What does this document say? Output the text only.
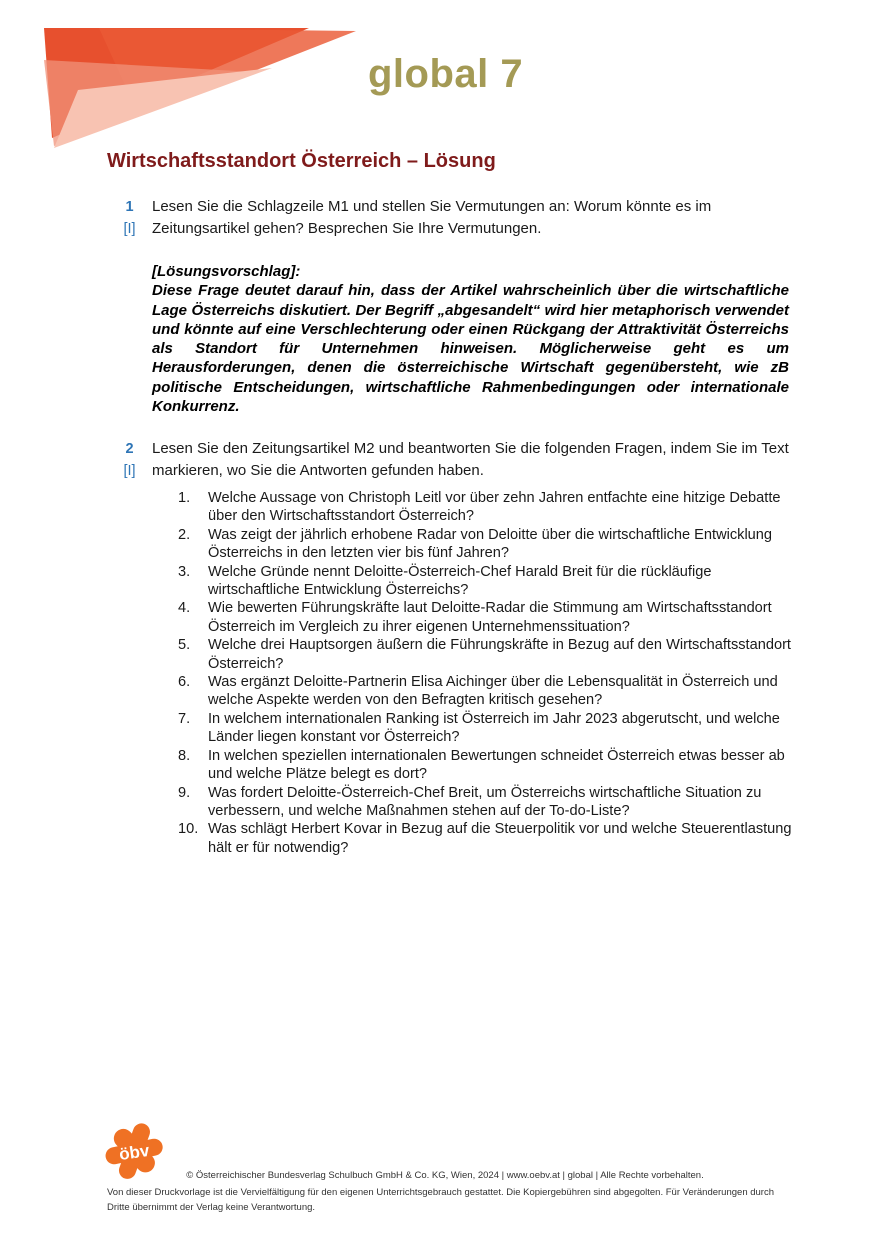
global 7
Wirtschaftsstandort Österreich – Lösung
1
[I]
Lesen Sie die Schlagzeile M1 und stellen Sie Vermutungen an: Worum könnte es im Zeitungsartikel gehen? Besprechen Sie Ihre Vermutungen.
[Lösungsvorschlag]:
Diese Frage deutet darauf hin, dass der Artikel wahrscheinlich über die wirtschaftliche Lage Österreichs diskutiert. Der Begriff „abgesandelt“ wird hier metaphorisch verwendet und könnte auf eine Verschlechterung oder einen Rückgang der Attraktivität Österreichs als Standort für Unternehmen hinweisen. Möglicherweise geht es um Herausforderungen, denen die österreichische Wirtschaft gegenübersteht, wie zB politische Entscheidungen, wirtschaftliche Rahmenbedingungen oder internationale Konkurrenz.
2
[I]
Lesen Sie den Zeitungsartikel M2 und beantworten Sie die folgenden Fragen, indem Sie im Text markieren, wo Sie die Antworten gefunden haben.
1.	Welche Aussage von Christoph Leitl vor über zehn Jahren entfachte eine hitzige Debatte über den Wirtschaftsstandort Österreich?
2.	Was zeigt der jährlich erhobene Radar von Deloitte über die wirtschaftliche Entwicklung Österreichs in den letzten vier bis fünf Jahren?
3.	Welche Gründe nennt Deloitte-Österreich-Chef Harald Breit für die rückläufige wirtschaftliche Entwicklung Österreichs?
4.	Wie bewerten Führungskräfte laut Deloitte-Radar die Stimmung am Wirtschaftsstandort Österreich im Vergleich zu ihrer eigenen Unternehmenssituation?
5.	Welche drei Hauptsorgen äußern die Führungskräfte in Bezug auf den Wirtschaftsstandort Österreich?
6.	Was ergänzt Deloitte-Partnerin Elisa Aichinger über die Lebensqualität in Österreich und welche Aspekte werden von den Befragten kritisch gesehen?
7.	In welchem internationalen Ranking ist Österreich im Jahr 2023 abgerutscht, und welche Länder liegen konstant vor Österreich?
8.	In welchen speziellen internationalen Bewertungen schneidet Österreich etwas besser ab und welche Plätze belegt es dort?
9.	Was fordert Deloitte-Österreich-Chef Breit, um Österreichs wirtschaftliche Situation zu verbessern, und welche Maßnahmen stehen auf der To-do-Liste?
10. Was schlägt Herbert Kovar in Bezug auf die Steuerpolitik vor und welche Steuerentlastung hält er für notwendig?
öbv
© Österreichischer Bundesverlag Schulbuch GmbH & Co. KG, Wien, 2024 | www.oebv.at | global | Alle Rechte vorbehalten.
Von dieser Druckvorlage ist die Vervielfältigung für den eigenen Unterrichtsgebrauch gestattet. Die Kopiergebühren sind abgegolten. Für Veränderungen durch Dritte übernimmt der Verlag keine Verantwortung.
